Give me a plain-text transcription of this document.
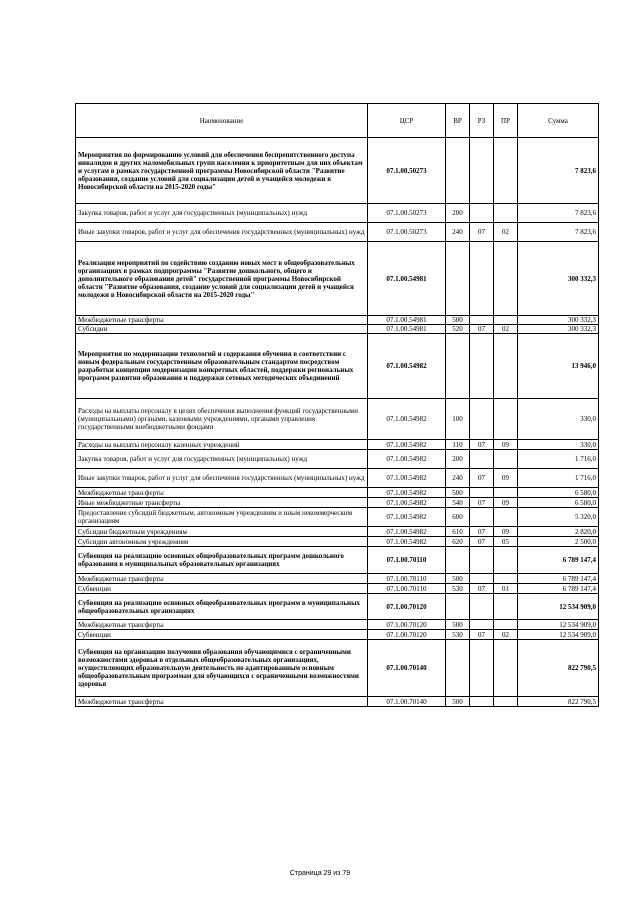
Наименование	ЦСР	ВР	РЗ	ПР	Сумма
Мероприятия по формированию условий для обеспечения беспрепятственного доступа инвалидов и других маломобильных групп населения к приоритетным для них объектам и услугам в рамках государственной программы Новосибирской области "Развитие образования, создание условий для социализации детей и учащейся молодежи в Новосибирской области на 2015-2020 годы"	07.1.00.50273				7 823,6
Закупка товаров, работ и услуг для государственных (муниципальных) нужд	07.1.00.50273	200			7 823,6
Иные закупки товаров, работ и услуг для обеспечения государственных (муниципальных) нужд	07.1.00.50273	240	07	02	7 823,6
Реализация мероприятий по содействию созданию новых мест в общеобразовательных организациях в рамках подпрограммы "Развитие дошкольного, общего и дополнительного образования детей" государственной программы Новосибирской области "Развитие образования, создание условий для социализации детей и учащейся молодежи в Новосибирской области на 2015-2020 годы"	07.1.00.54981				300 332,3
Межбюджетные трансферты	07.1.00.54981	500			300 332,3
Субсидии	07.1.00.54981	520	07	02	300 332,3
Мероприятия по модернизации технологий и содержания обучения в соответствии с новым федеральным государственным образовательным стандартом посредством разработки концепции модернизации конкретных областей, поддержки региональных программ развития образования и поддержки сетевых методических объединений	07.1.00.54982				13 946,0
Расходы на выплаты персоналу в целях обеспечения выполнения функций государственными (муниципальными) органами, казенными учреждениями, органами управления государственными внебюджетными фондами	07.1.00.54982	100			330,0
Расходы на выплаты персоналу казенных учреждений	07.1.00.54982	110	07	09	330,0
Закупка товаров, работ и услуг для государственных (муниципальных) нужд	07.1.00.54982	200			1 716,0
Иные закупки товаров, работ и услуг для обеспечения государственных (муниципальных) нужд	07.1.00.54982	240	07	09	1 716,0
Межбюджетные трансферты	07.1.00.54982	500			6 580,0
Иные межбюджетные трансферты	07.1.00.54982	540	07	09	6 580,0
Предоставление субсидий бюджетным, автономным учреждениям и иным некоммерческим организациям	07.1.00.54982	600			5 320,0
Субсидии бюджетным учреждениям	07.1.00.54982	610	07	09	2 820,0
Субсидии автономным учреждениям	07.1.00.54982	620	07	05	2 500,0
Субвенция на реализацию основных общеобразовательных программ дошкольного образования в муниципальных образовательных организациях	07.1.00.70110				6 789 147,4
Межбюджетные трансферты	07.1.00.70110	500			6 789 147,4
Субвенции	07.1.00.70110	530	07	01	6 789 147,4
Субвенция на реализацию основных общеобразовательных программ в муниципальных общеобразовательных организациях	07.1.00.70120				12 534 909,0
Межбюджетные трансферты	07.1.00.70120	500			12 534 909,0
Субвенции	07.1.00.70120	530	07	02	12 534 909,0
Субвенция на организацию получения образования обучающимися с ограниченными возможностями здоровья в отдельных общеобразовательных организациях, осуществляющих образовательную деятельность по адаптированным основным общеобразовательным программам для обучающихся с ограниченными возможностями здоровья	07.1.00.70140				822 790,5
Межбюджетные трансферты	07.1.00.70140	500			822 790,5
Страница 29 из 79
